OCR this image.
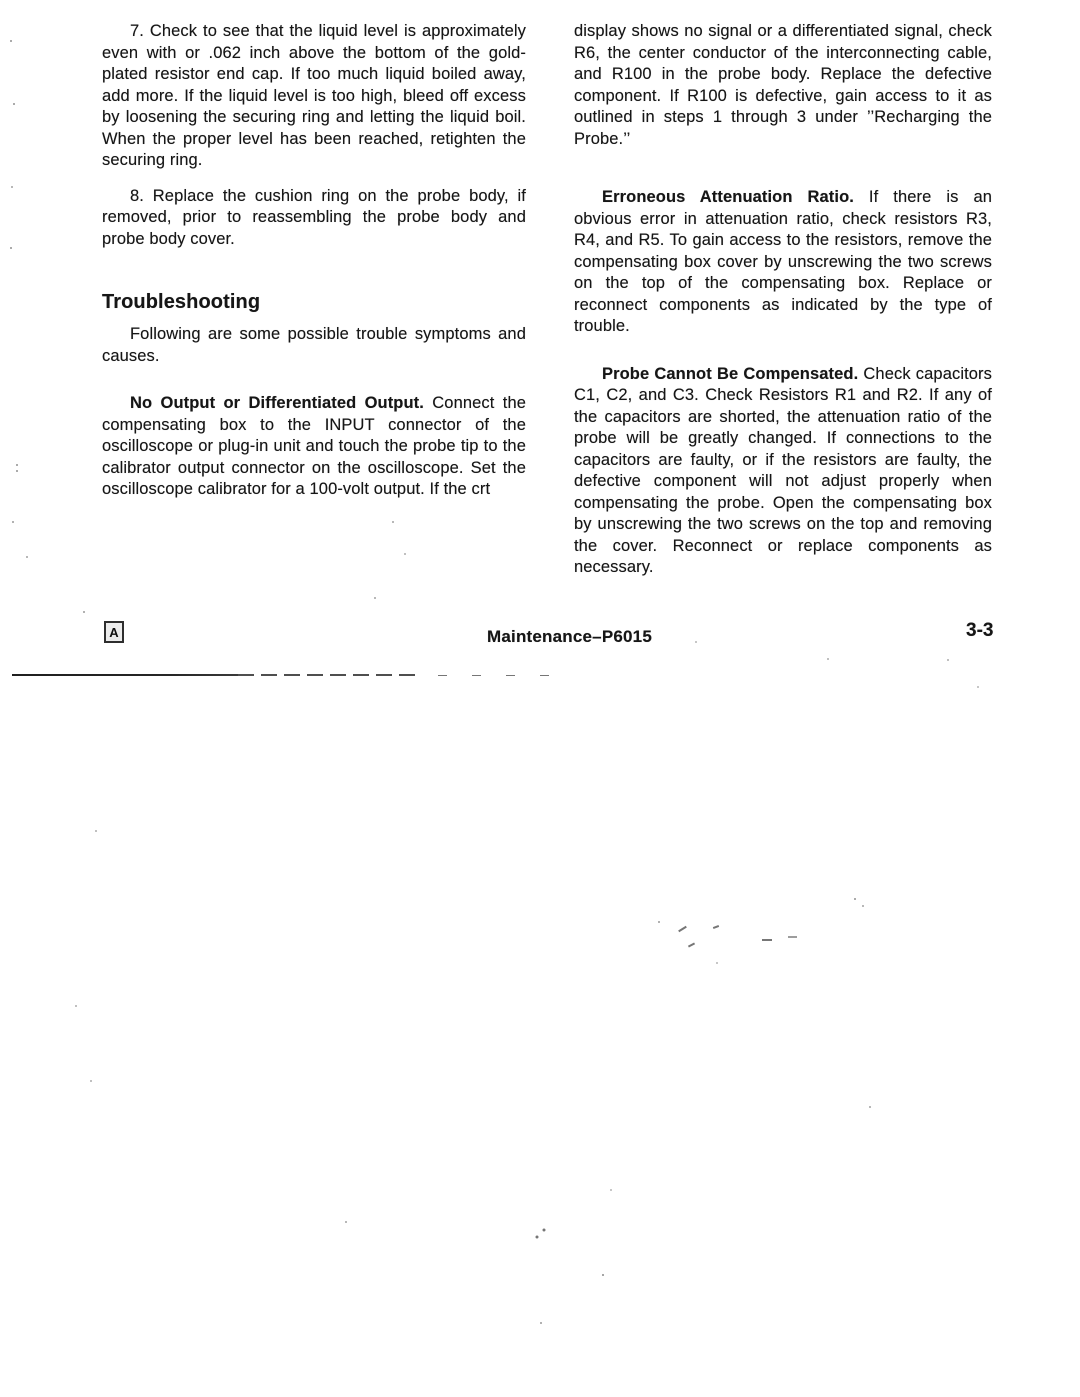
7. Check to see that the liquid level is approximately even with or .062 inch above the bottom of the gold-plated resistor end cap. If too much liquid boiled away, add more. If the liquid level is too high, bleed off excess by loosening the securing ring and letting the liquid boil. When the proper level has been reached, retighten the securing ring.

8. Replace the cushion ring on the probe body, if removed, prior to reassembling the probe body and probe body cover.

Troubleshooting

Following are some possible trouble symptoms and causes.

No Output or Differentiated Output. Connect the compensating box to the INPUT connector of the oscilloscope or plug-in unit and touch the probe tip to the calibrator output connector on the oscilloscope. Set the oscilloscope calibrator for a 100-volt output. If the crt

display shows no signal or a differentiated signal, check R6, the center conductor of the interconnecting cable, and R100 in the probe body. Replace the defective component. If R100 is defective, gain access to it as outlined in steps 1 through 3 under ’’Recharging the Probe.’’

Erroneous Attenuation Ratio. If there is an obvious error in attenuation ratio, check resistors R3, R4, and R5. To gain access to the resistors, remove the compensating box cover by unscrewing the two screws on the top of the compensating box. Replace or reconnect components as indicated by the type of trouble.

Probe Cannot Be Compensated. Check capacitors C1, C2, and C3. Check Resistors R1 and R2. If any of the capacitors are shorted, the attenuation ratio of the probe will be greatly changed. If connections to the capacitors are faulty, or if the resistors are faulty, the defective component will not adjust properly when compensating the probe. Open the compensating box by unscrewing the two screws on the top and removing the cover. Reconnect or replace components as necessary.

A	Maintenance–P6015	3-3
